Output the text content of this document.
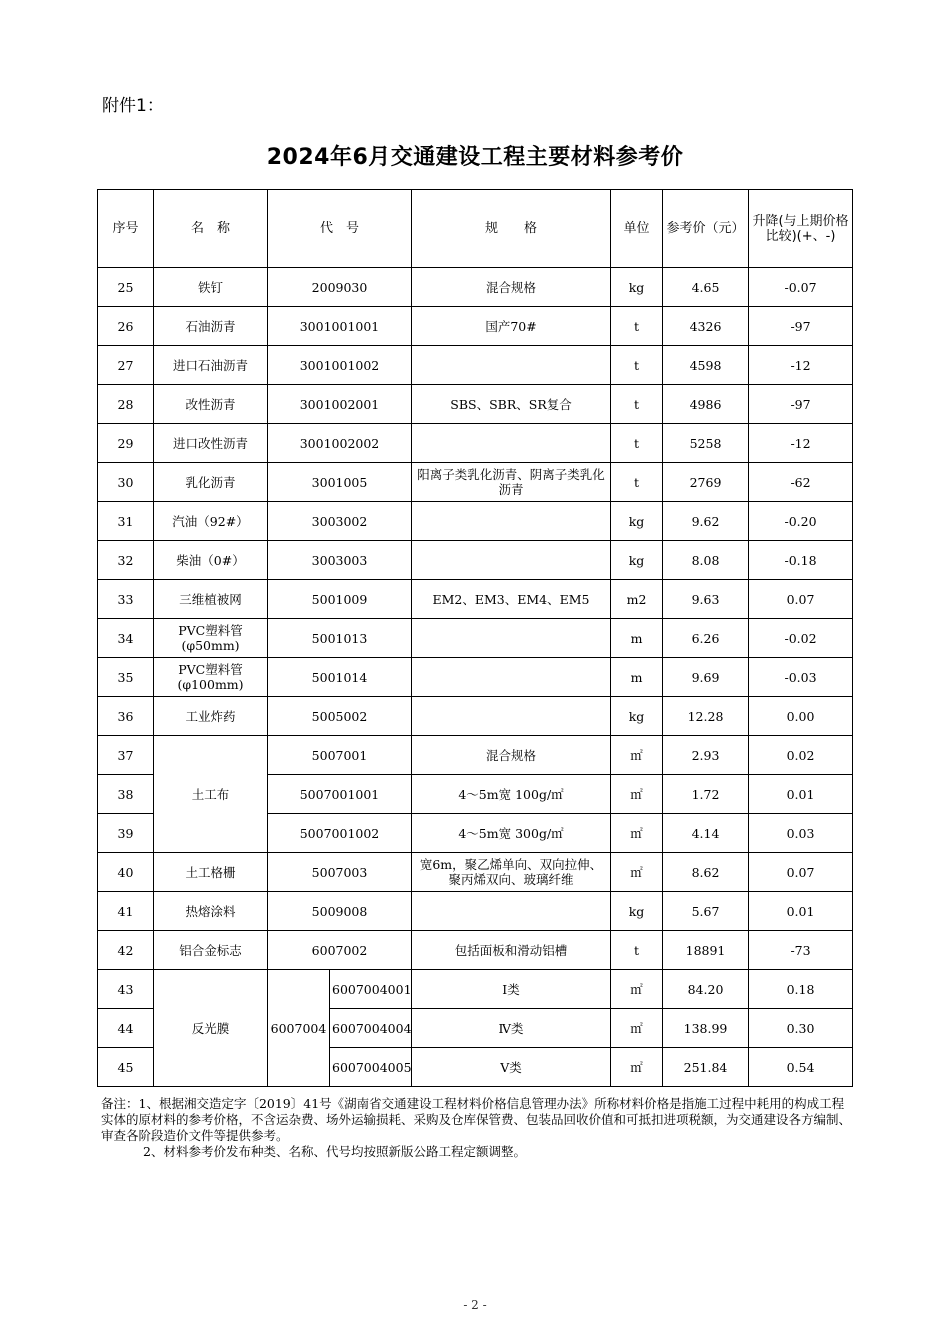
附件1：
2024年6月交通建设工程主要材料参考价
序号	名　称	代　号		规　　格	单位	参考价（元）	升降(与上期价格比较)(+、-)
25	铁钉	2009030		混合规格	kg	4.65	-0.07
26	石油沥青	3001001001		国产70#	t	4326	-97
27	进口石油沥青	3001001002			t	4598	-12
28	改性沥青	3001002001		SBS、SBR、SR复合	t	4986	-97
29	进口改性沥青	3001002002			t	5258	-12
30	乳化沥青	3001005		阳离子类乳化沥青、阴离子类乳化沥青	t	2769	-62
31	汽油（92#）	3003002			kg	9.62	-0.20
32	柴油（0#）	3003003			kg	8.08	-0.18
33	三维植被网	5001009		EM2、EM3、EM4、EM5	m2	9.63	0.07
34	PVC塑料管(φ50mm)	5001013			m	6.26	-0.02
35	PVC塑料管(φ100mm)	5001014			m	9.69	-0.03
36	工业炸药	5005002			kg	12.28	0.00
37	土工布	5007001		混合规格	㎡	2.93	0.02
38		5007001001		4～5m宽 100g/㎡	㎡	1.72	0.01
39		5007001002		4～5m宽 300g/㎡	㎡	4.14	0.03
40	土工格栅	5007003		宽6m，聚乙烯单向、双向拉伸、聚丙烯双向、玻璃纤维	㎡	8.62	0.07
41	热熔涂料	5009008			kg	5.67	0.01
42	铝合金标志	6007002		包括面板和滑动铝槽	t	18891	-73
43	反光膜	6007004	6007004001	Ⅰ类	㎡	84.20	0.18
44			6007004004	Ⅳ类	㎡	138.99	0.30
45			6007004005	Ⅴ类	㎡	251.84	0.54

备注：1、根据湘交造定字〔2019〕41号《湖南省交通建设工程材料价格信息管理办法》所称材料价格是指施工过程中耗用的构成工程实体的原材料的参考价格，不含运杂费、场外运输损耗、采购及仓库保管费、包装品回收价值和可抵扣进项税额，为交通建设各方编制、审查各阶段造价文件等提供参考。

2、材料参考价发布种类、名称、代号均按照新版公路工程定额调整。

- 2 -
